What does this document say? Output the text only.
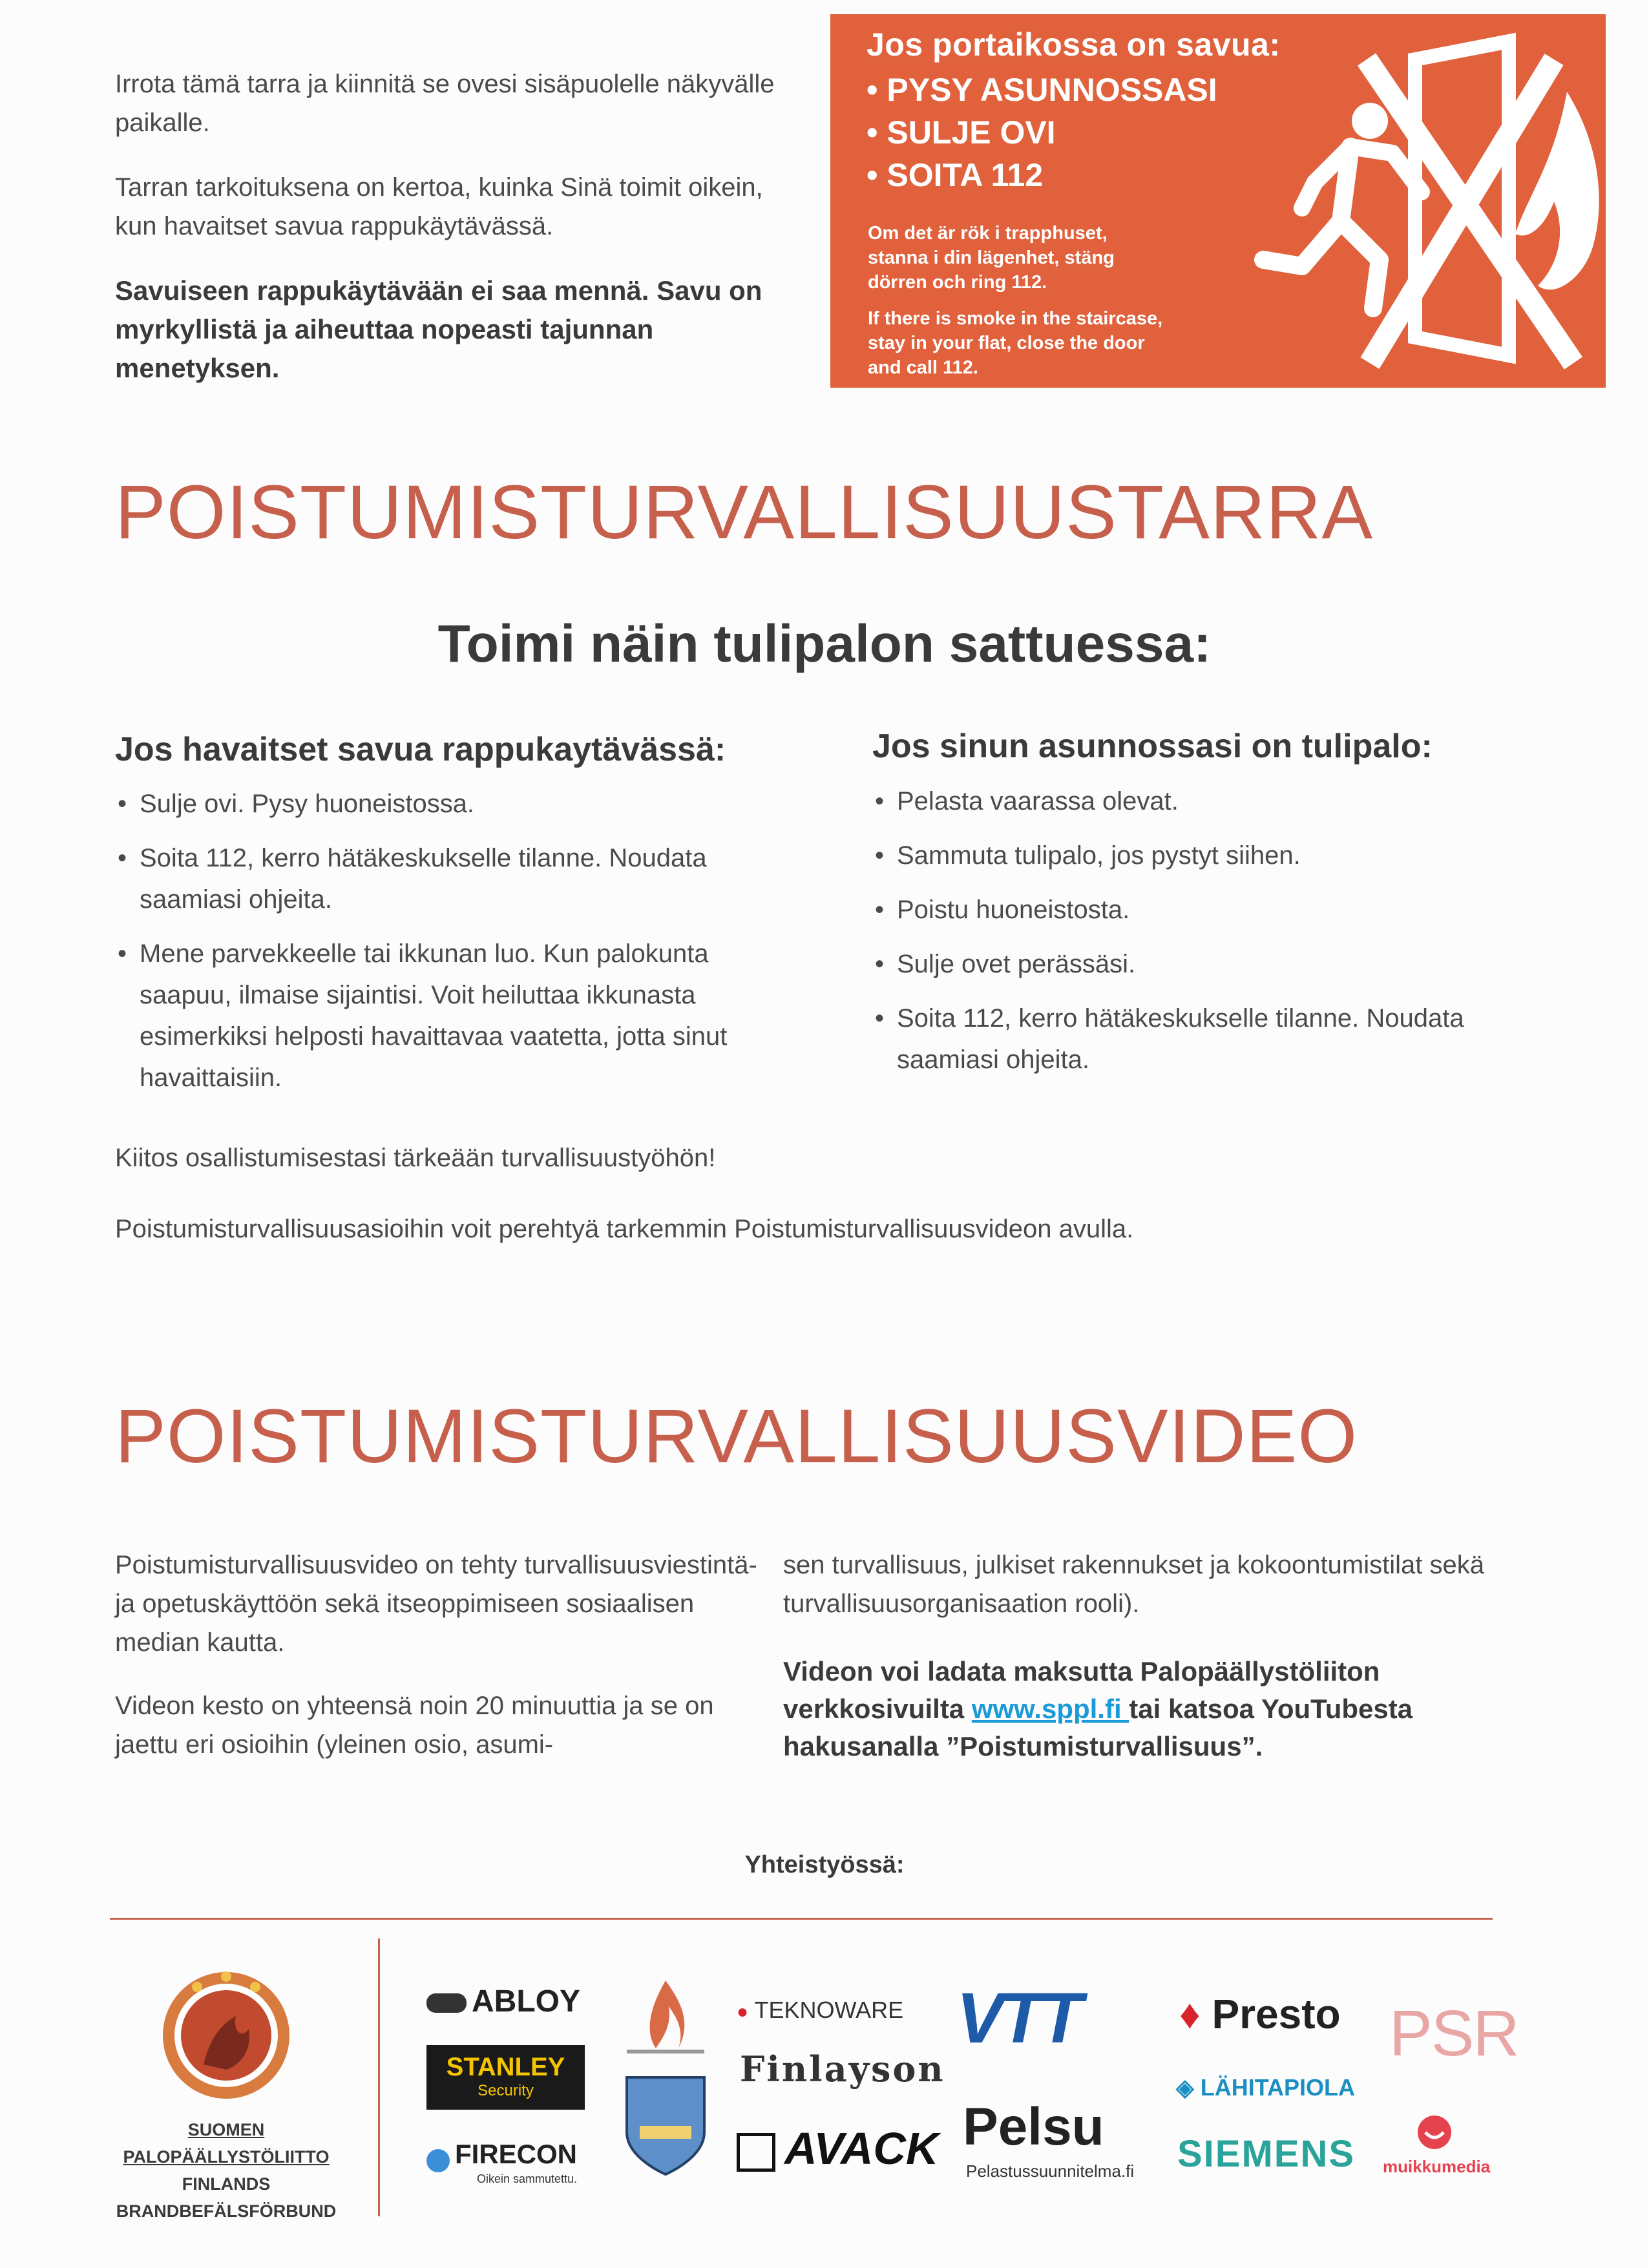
Irrota tämä tarra ja kiinnitä se ovesi sisäpuolelle näkyvälle paikalle.

Tarran tarkoituksena on kertoa, kuinka Sinä toimit oikein, kun havaitset savua rappukäytävässä.

Savuiseen rappukäytävään ei saa mennä. Savu on myrkyllistä ja aiheuttaa nopeasti tajunnan menetyksen.

Jos portaikossa on savua:
• PYSY ASUNNOSSASI
• SULJE OVI
• SOITA 112
Om det är rök i trapphuset, stanna i din lägenhet, stäng dörren och ring 112.
If there is smoke in the staircase, stay in your flat, close the door and call 112.
POISTUMISTURVALLISUUSTARRA
Toimi näin tulipalon sattuessa:
Jos havaitset savua rappukaytävässä:
• Sulje ovi. Pysy huoneistossa.
• Soita 112, kerro hätäkeskukselle tilanne. Noudata saamiasi ohjeita.
• Mene parvekkeelle tai ikkunan luo. Kun palokunta saapuu, ilmaise sijaintisi. Voit heiluttaa ikkunasta esimerkiksi helposti havaittavaa vaatetta, jotta sinut havaittaisiin.
Jos sinun asunnossasi on tulipalo:
• Pelasta vaarassa olevat.
• Sammuta tulipalo, jos pystyt siihen.
• Poistu huoneistosta.
• Sulje ovet perässäsi.
• Soita 112, kerro hätäkeskukselle tilanne. Noudata saamiasi ohjeita.

Kiitos osallistumisestasi tärkeään turvallisuustyöhön!

Poistumisturvallisuusasioihin voit perehtyä tarkemmin Poistumisturvallisuusvideon avulla.

POISTUMISTURVALLISUUSVIDEO

Poistumisturvallisuusvideo on tehty turvallisuusviestintä- ja opetuskäyttöön sekä itseoppimiseen sosiaalisen median kautta.

Videon kesto on yhteensä noin 20 minuuttia ja se on jaettu eri osioihin (yleinen osio, asumi-

sen turvallisuus, julkiset rakennukset ja kokoontumistilat sekä turvallisuusorganisaation rooli).

Videon voi ladata maksutta Palopäällystöliiton verkkosivuilta www.sppl.fi tai katsoa YouTubesta hakusanalla ”Poistumisturvallisuus”.

Yhteistyössä:
SUOMEN PALOPÄÄLLYSTÖLIITTO
FINLANDS BRANDBEFÄLSFÖRBUND
ABLOY
STANLEY
Security
FIRECON
Oikein sammutettu.
● TEKNOWARE
Finlayson
AVACK
VTT
Pelsu
Pelastussuunnitelma.fi
♦ Presto
◈ LÄHITAPIOLA
SIEMENS
PSR
muikkumedia
